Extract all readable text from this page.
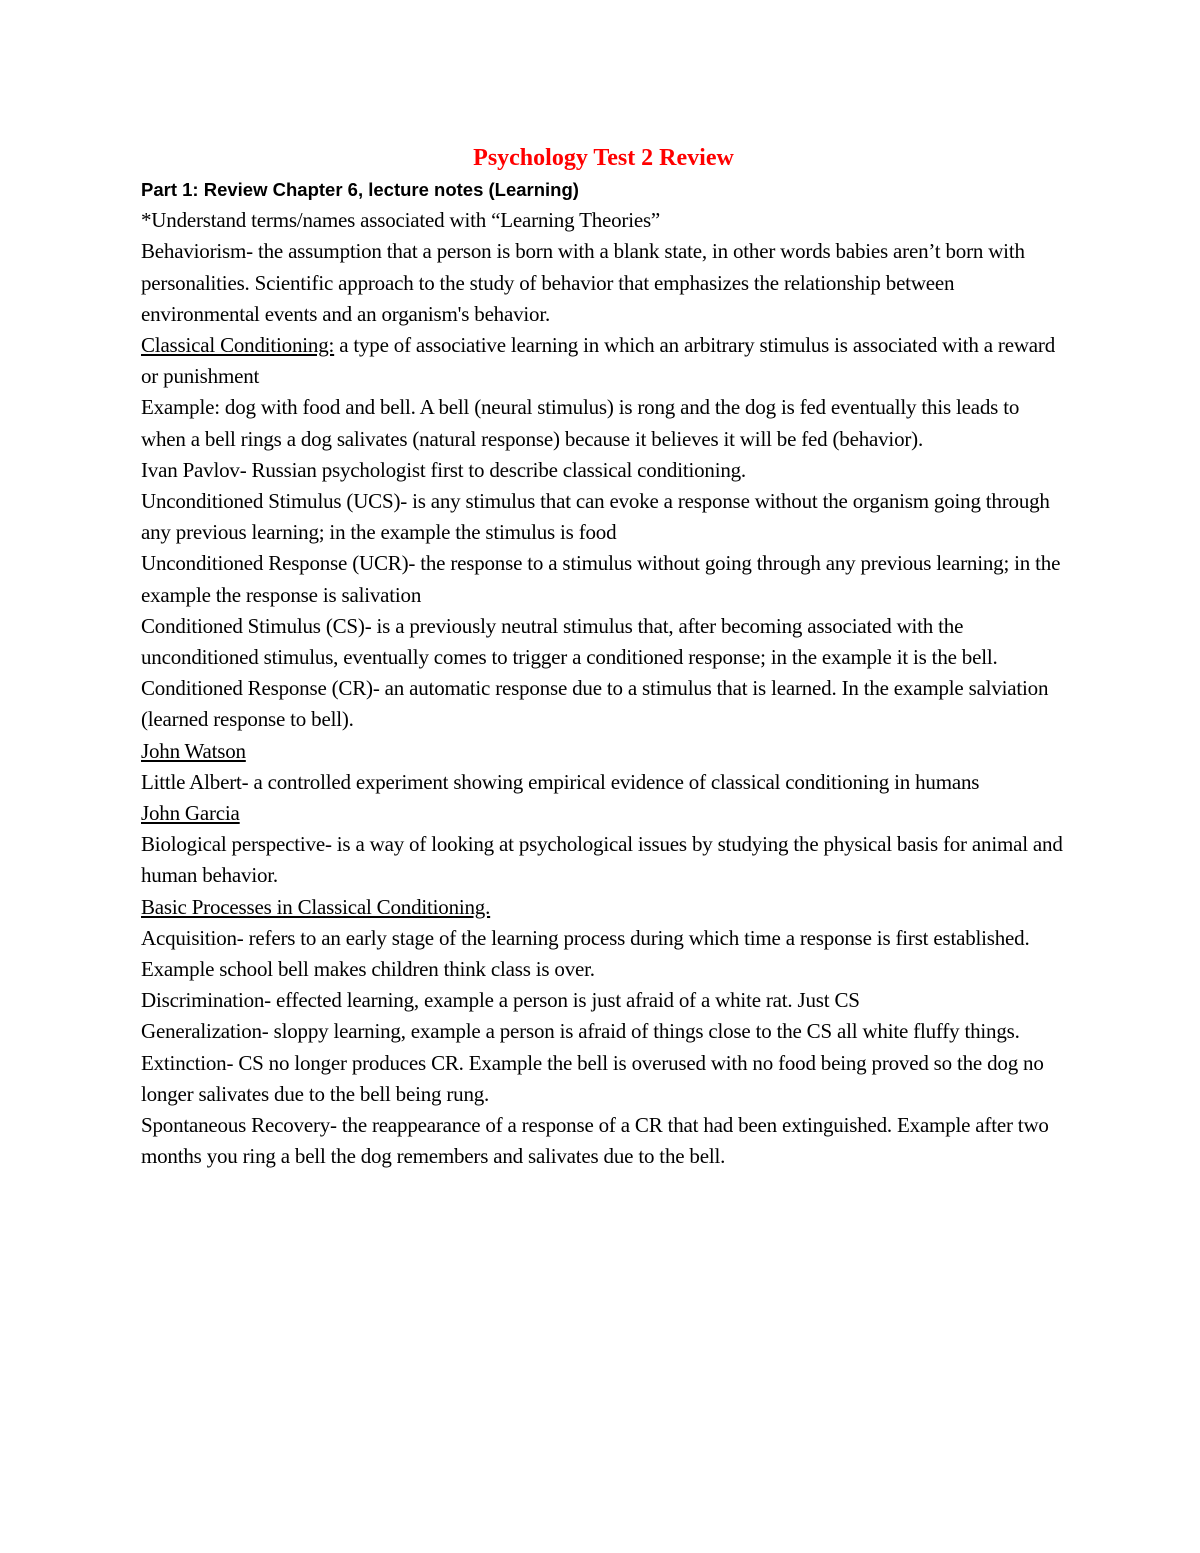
Psychology Test 2 Review

Part 1: Review Chapter 6, lecture notes (Learning)

*Understand terms/names associated with “Learning Theories”

Behaviorism- the assumption that a person is born with a blank state, in other words babies aren’t born with personalities. Scientific approach to the study of behavior that emphasizes the relationship between environmental events and an organism's behavior.

Classical Conditioning: a type of associative learning in which an arbitrary stimulus is associated with a reward or punishment

Example: dog with food and bell. A bell (neural stimulus) is rong and the dog is fed eventually this leads to when a bell rings a dog salivates (natural response) because it believes it will be fed (behavior).

Ivan Pavlov- Russian psychologist first to describe classical conditioning.

Unconditioned Stimulus (UCS)- is any stimulus that can evoke a response without the organism going through any previous learning; in the example the stimulus is food

Unconditioned Response (UCR)- the response to a stimulus without going through any previous learning; in the example the response is salivation

Conditioned Stimulus (CS)- is a previously neutral stimulus that, after becoming associated with the unconditioned stimulus, eventually comes to trigger a conditioned response; in the example it is the bell.

Conditioned Response (CR)- an automatic response due to a stimulus that is learned. In the example salviation (learned response to bell).

John Watson

Little Albert- a controlled experiment showing empirical evidence of classical conditioning in humans

John Garcia

Biological perspective- is a way of looking at psychological issues by studying the physical basis for animal and human behavior.

Basic Processes in Classical Conditioning.

Acquisition- refers to an early stage of the learning process during which time a response is first established. Example school bell makes children think class is over.

Discrimination- effected learning, example a person is just afraid of a white rat. Just CS

Generalization- sloppy learning, example a person is afraid of things close to the CS all white fluffy things.

Extinction- CS no longer produces CR. Example the bell is overused with no food being proved so the dog no longer salivates due to the bell being rung.

Spontaneous Recovery- the reappearance of a response of a CR that had been extinguished. Example after two months you ring a bell the dog remembers and salivates due to the bell.
